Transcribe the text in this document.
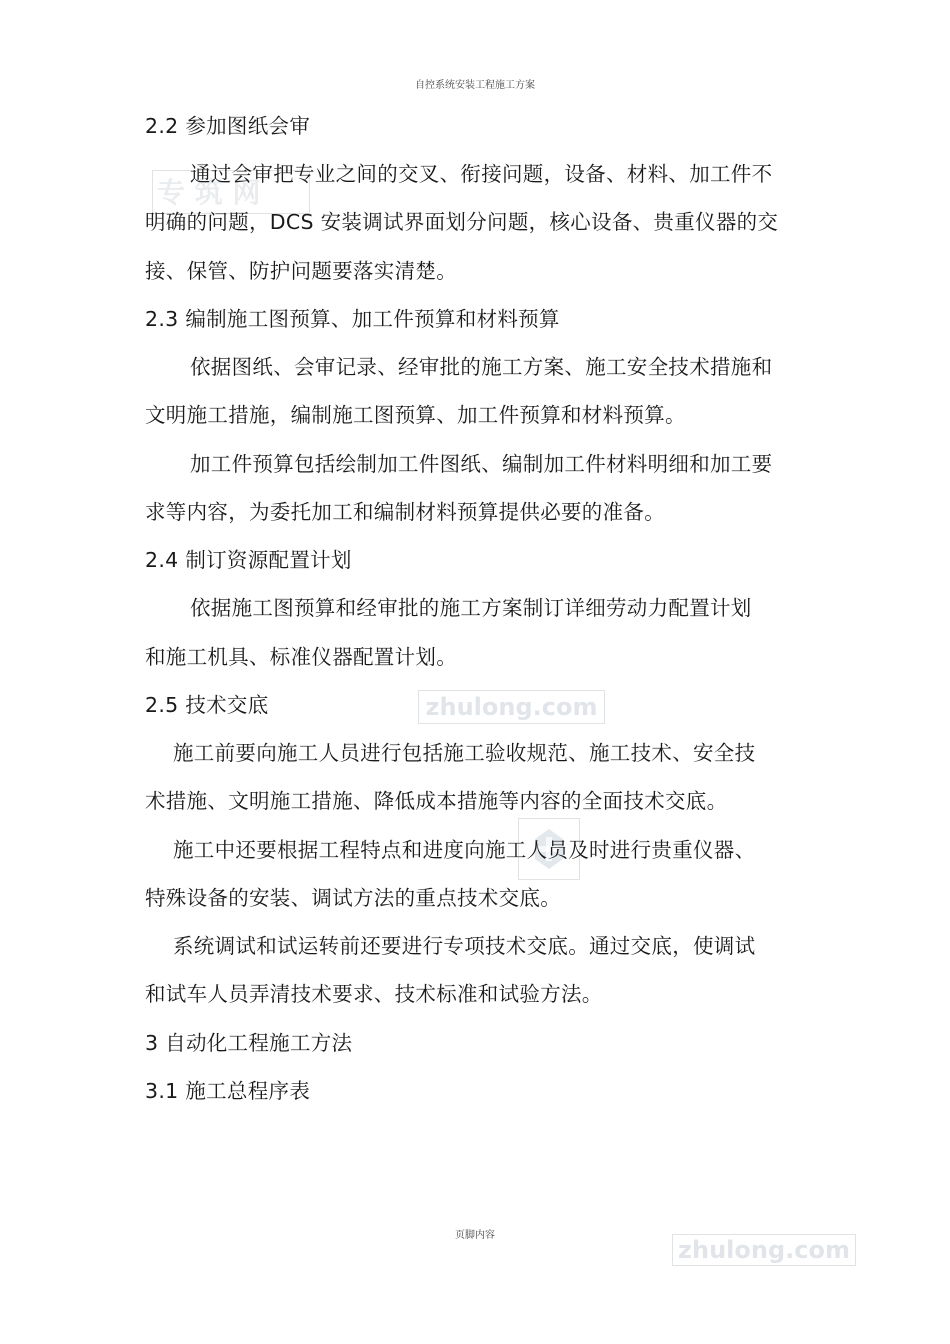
自控系统安装工程施工方案
专 筑 网
zhulong.com
zhulong.com
2.2 参加图纸会审
通过会审把专业之间的交叉、衔接问题，设备、材料、加工件不
明确的问题，DCS 安装调试界面划分问题，核心设备、贵重仪器的交
接、保管、防护问题要落实清楚。
2.3 编制施工图预算、加工件预算和材料预算
依据图纸、会审记录、经审批的施工方案、施工安全技术措施和
文明施工措施，编制施工图预算、加工件预算和材料预算。
加工件预算包括绘制加工件图纸、编制加工件材料明细和加工要
求等内容，为委托加工和编制材料预算提供必要的准备。
2.4 制订资源配置计划
依据施工图预算和经审批的施工方案制订详细劳动力配置计划
和施工机具、标准仪器配置计划。
2.5 技术交底
施工前要向施工人员进行包括施工验收规范、施工技术、安全技
术措施、文明施工措施、降低成本措施等内容的全面技术交底。
施工中还要根据工程特点和进度向施工人员及时进行贵重仪器、
特殊设备的安装、调试方法的重点技术交底。
系统调试和试运转前还要进行专项技术交底。通过交底，使调试
和试车人员弄清技术要求、技术标准和试验方法。
3 自动化工程施工方法
3.1 施工总程序表
页脚内容
